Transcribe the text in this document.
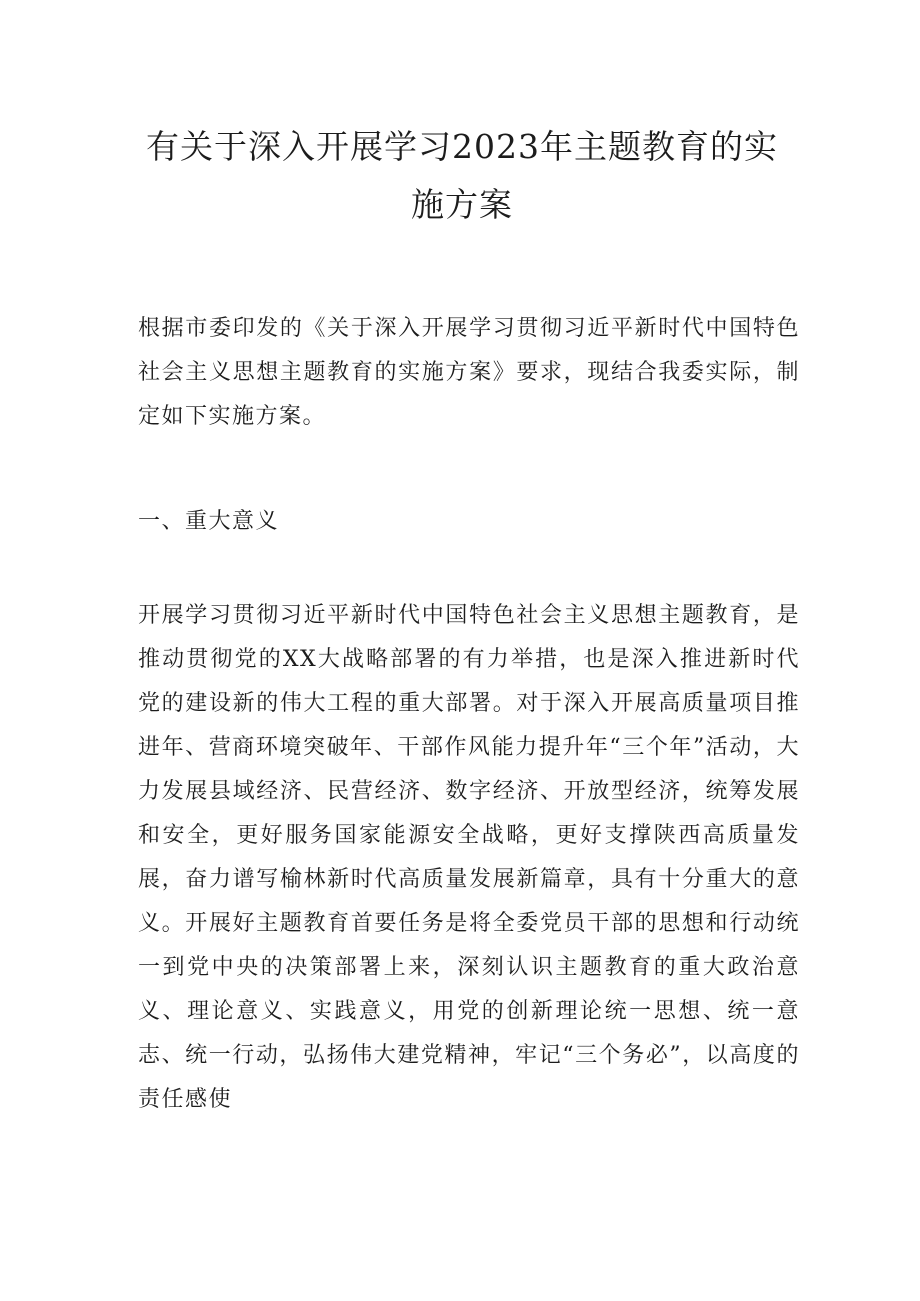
有关于深入开展学习2023年主题教育的实施方案

根据市委印发的《关于深入开展学习贯彻习近平新时代中国特色社会主义思想主题教育的实施方案》要求，现结合我委实际，制定如下实施方案。

一、重大意义

开展学习贯彻习近平新时代中国特色社会主义思想主题教育，是推动贯彻党的XX大战略部署的有力举措，也是深入推进新时代党的建设新的伟大工程的重大部署。对于深入开展高质量项目推进年、营商环境突破年、干部作风能力提升年“三个年”活动，大力发展县域经济、民营经济、数字经济、开放型经济，统筹发展和安全，更好服务国家能源安全战略，更好支撑陕西高质量发展，奋力谱写榆林新时代高质量发展新篇章，具有十分重大的意义。开展好主题教育首要任务是将全委党员干部的思想和行动统一到党中央的决策部署上来，深刻认识主题教育的重大政治意义、理论意义、实践意义，用党的创新理论统一思想、统一意志、统一行动，弘扬伟大建党精神，牢记“三个务必”，以高度的责任感使
